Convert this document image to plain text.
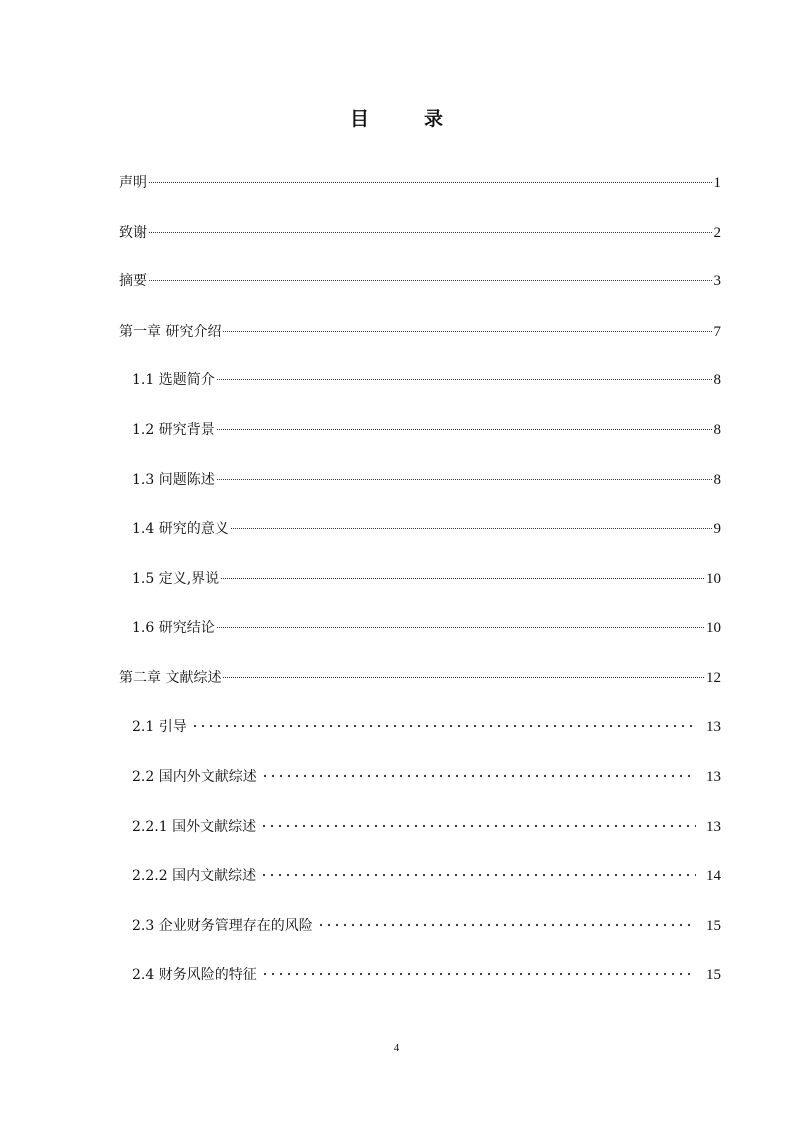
目　录
声明	1
致谢	2
摘要	3
第一章 研究介绍	7
1.1 选题简介	8
1.2 研究背景	8
1.3 问题陈述	8
1.4 研究的意义	9
1.5 定义,界说	10
1.6 研究结论	10
第二章 文献综述	12
2.1 引导	13
2.2 国内外文献综述	13
2.2.1 国外文献综述	13
2.2.2 国内文献综述	14
2.3 企业财务管理存在的风险	15
2.4 财务风险的特征	15
4
